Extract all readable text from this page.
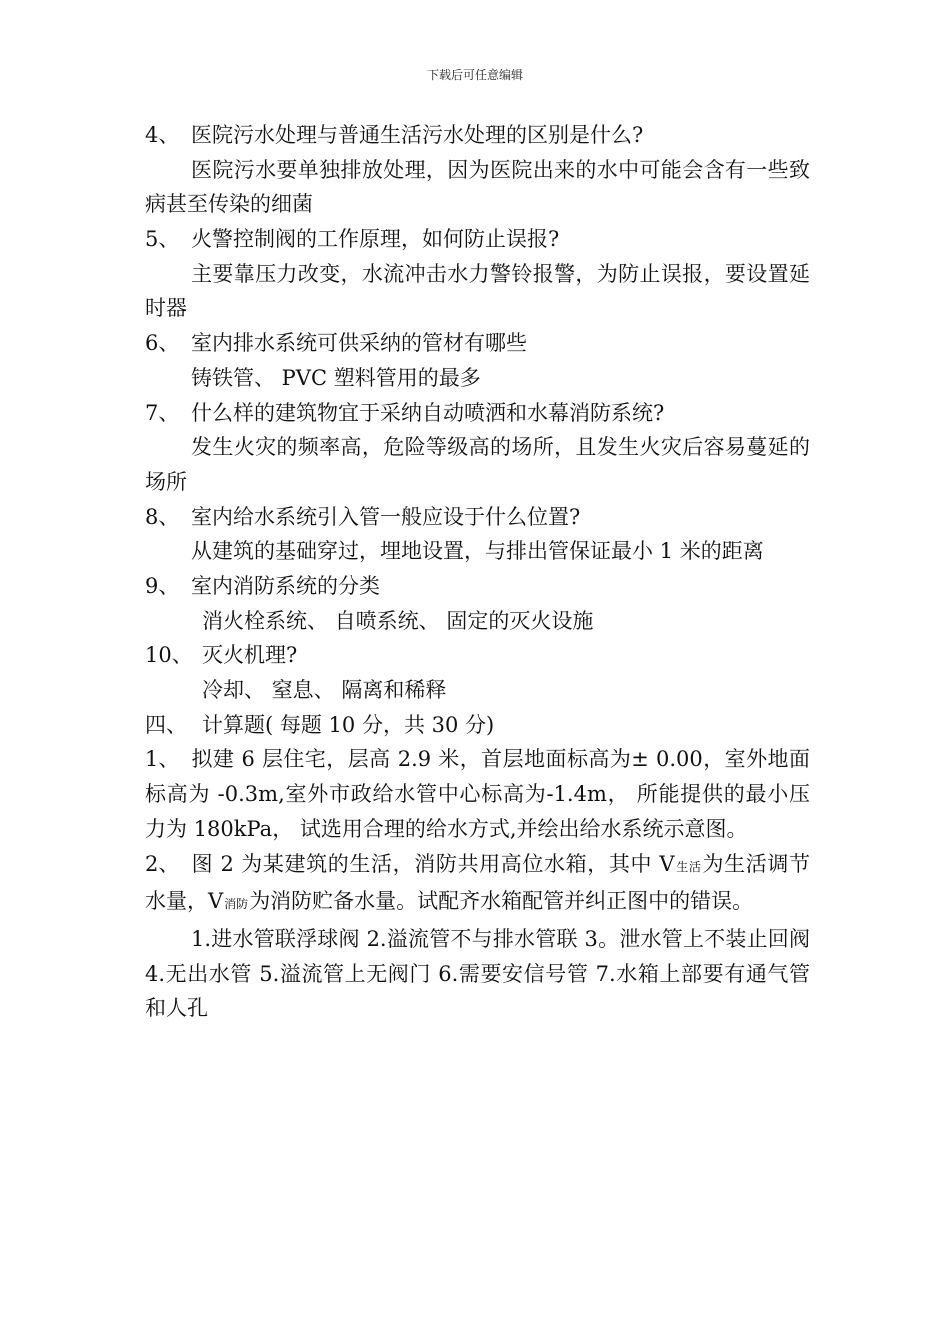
下载后可任意编辑
4、 医院污水处理与普通生活污水处理的区别是什么?
医院污水要单独排放处理，因为医院出来的水中可能会含有一些致病甚至传染的细菌
5、 火警控制阀的工作原理，如何防止误报?
主要靠压力改变，水流冲击水力警铃报警，为防止误报，要设置延时器
6、 室内排水系统可供采纳的管材有哪些
铸铁管、 PVC 塑料管用的最多
7、 什么样的建筑物宜于采纳自动喷洒和水幕消防系统?
发生火灾的频率高，危险等级高的场所，且发生火灾后容易蔓延的场所
8、 室内给水系统引入管一般应设于什么位置?
从建筑的基础穿过，埋地设置，与排出管保证最小 1 米的距离
9、 室内消防系统的分类
消火栓系统、 自喷系统、 固定的灭火设施
10、 灭火机理?
冷却、 窒息、 隔离和稀释
四、 计算题( 每题 10 分，共 30 分)
1、 拟建 6 层住宅，层高 2.9 米，首层地面标高为± 0.00，室外地面标高为 -0.3m,室外市政给水管中心标高为-1.4m， 所能提供的最小压力为 180kPa， 试选用合理的给水方式,并绘出给水系统示意图。
2、 图 2 为某建筑的生活，消防共用高位水箱，其中 V生活为生活调节水量，V消防为消防贮备水量。试配齐水箱配管并纠正图中的错误。
1.进水管联浮球阀 2.溢流管不与排水管联 3。泄水管上不装止回阀 4.无出水管 5.溢流管上无阀门 6.需要安信号管 7.水箱上部要有通气管和人孔
